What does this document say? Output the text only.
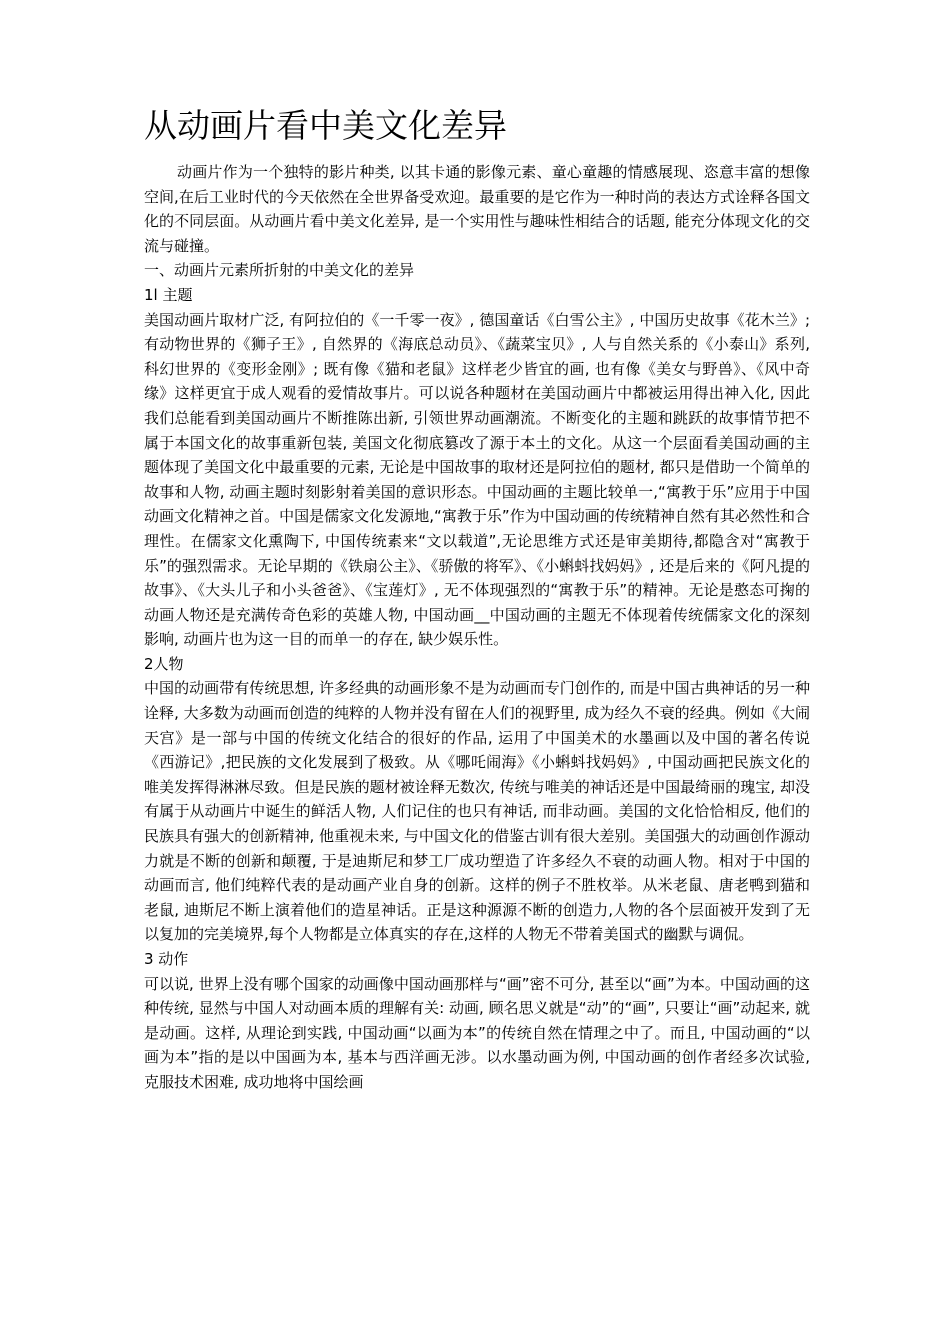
从动画片看中美文化差异

动画片作为一个独特的影片种类, 以其卡通的影像元素、童心童趣的情感展现、恣意丰富的想像空间,在后工业时代的今天依然在全世界备受欢迎。最重要的是它作为一种时尚的表达方式诠释各国文化的不同层面。从动画片看中美文化差异, 是一个实用性与趣味性相结合的话题, 能充分体现文化的交流与碰撞。

一、动画片元素所折射的中美文化的差异

1l 主题

美国动画片取材广泛, 有阿拉伯的《一千零一夜》, 德国童话《白雪公主》, 中国历史故事《花木兰》;有动物世界的《狮子王》, 自然界的《海底总动员》、《蔬菜宝贝》, 人与自然关系的《小泰山》系列, 科幻世界的《变形金刚》; 既有像《猫和老鼠》这样老少皆宜的画, 也有像《美女与野兽》、《风中奇缘》这样更宜于成人观看的爱情故事片。可以说各种题材在美国动画片中都被运用得出神入化, 因此我们总能看到美国动画片不断推陈出新, 引领世界动画潮流。不断变化的主题和跳跃的故事情节把不属于本国文化的故事重新包装, 美国文化彻底篡改了源于本土的文化。从这一个层面看美国动画的主题体现了美国文化中最重要的元素, 无论是中国故事的取材还是阿拉伯的题材, 都只是借助一个简单的故事和人物, 动画主题时刻影射着美国的意识形态。中国动画的主题比较单一,“寓教于乐”应用于中国动画文化精神之首。中国是儒家文化发源地,“寓教于乐”作为中国动画的传统精神自然有其必然性和合理性。在儒家文化熏陶下, 中国传统素来“文以载道”,无论思维方式还是审美期待,都隐含对“寓教于乐”的强烈需求。无论早期的《铁扇公主》、《骄傲的将军》、《小蝌蚪找妈妈》, 还是后来的《阿凡提的故事》、《大头儿子和小头爸爸》、《宝莲灯》, 无不体现强烈的“寓教于乐”的精神。无论是憨态可掬的动画人物还是充满传奇色彩的英雄人物, 中国动画__中国动画的主题无不体现着传统儒家文化的深刻影响, 动画片也为这一目的而单一的存在, 缺少娱乐性。

2人物

中国的动画带有传统思想, 许多经典的动画形象不是为动画而专门创作的, 而是中国古典神话的另一种诠释, 大多数为动画而创造的纯粹的人物并没有留在人们的视野里, 成为经久不衰的经典。例如《大闹天宫》是一部与中国的传统文化结合的很好的作品, 运用了中国美术的水墨画以及中国的著名传说《西游记》,把民族的文化发展到了极致。从《哪吒闹海》《小蝌蚪找妈妈》, 中国动画把民族文化的唯美发挥得淋淋尽致。但是民族的题材被诠释无数次, 传统与唯美的神话还是中国最绮丽的瑰宝, 却没有属于从动画片中诞生的鲜活人物, 人们记住的也只有神话, 而非动画。美国的文化恰恰相反, 他们的民族具有强大的创新精神, 他重视未来, 与中国文化的借鉴古训有很大差别。美国强大的动画创作源动力就是不断的创新和颠覆, 于是迪斯尼和梦工厂成功塑造了许多经久不衰的动画人物。相对于中国的动画而言, 他们纯粹代表的是动画产业自身的创新。这样的例子不胜枚举。从米老鼠、唐老鸭到猫和老鼠, 迪斯尼不断上演着他们的造星神话。正是这种源源不断的创造力,人物的各个层面被开发到了无以复加的完美境界,每个人物都是立体真实的存在,这样的人物无不带着美国式的幽默与调侃。

3 动作

可以说, 世界上没有哪个国家的动画像中国动画那样与“画”密不可分, 甚至以“画”为本。中国动画的这种传统, 显然与中国人对动画本质的理解有关: 动画, 顾名思义就是“动”的“画”, 只要让“画”动起来, 就是动画。这样, 从理论到实践, 中国动画“以画为本”的传统自然在情理之中了。而且, 中国动画的“以画为本”指的是以中国画为本, 基本与西洋画无涉。以水墨动画为例, 中国动画的创作者经多次试验, 克服技术困难, 成功地将中国绘画
